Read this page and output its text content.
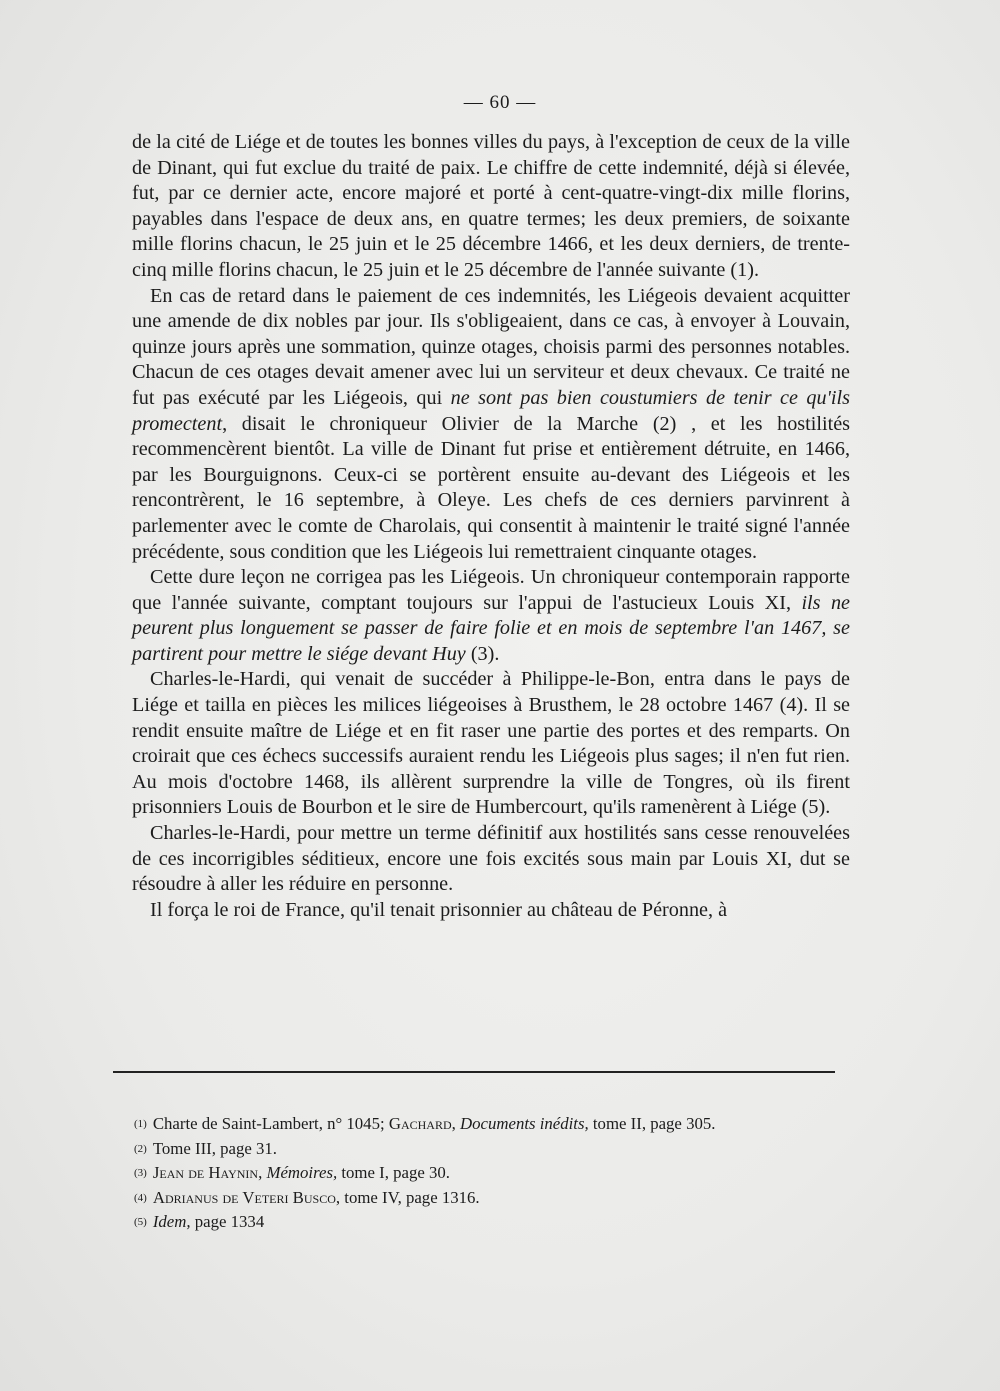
— 60 —

de la cité de Liége et de toutes les bonnes villes du pays, à l'exception de ceux de la ville de Dinant, qui fut exclue du traité de paix. Le chiffre de cette indemnité, déjà si élevée, fut, par ce dernier acte, encore majoré et porté à cent-quatre-vingt-dix mille florins, payables dans l'espace de deux ans, en quatre termes; les deux premiers, de soixante mille florins chacun, le 25 juin et le 25 décembre 1466, et les deux derniers, de trente-cinq mille florins chacun, le 25 juin et le 25 décembre de l'année suivante (1).

En cas de retard dans le paiement de ces indemnités, les Liégeois devaient acquitter une amende de dix nobles par jour. Ils s'obligeaient, dans ce cas, à envoyer à Louvain, quinze jours après une sommation, quinze otages, choisis parmi des personnes notables. Chacun de ces otages devait amener avec lui un serviteur et deux chevaux. Ce traité ne fut pas exécuté par les Liégeois, qui ne sont pas bien coustumiers de tenir ce qu'ils promectent, disait le chroniqueur Olivier de la Marche (2) , et les hostilités recommencèrent bientôt. La ville de Dinant fut prise et entièrement détruite, en 1466, par les Bourguignons. Ceux-ci se portèrent ensuite au-devant des Liégeois et les rencontrèrent, le 16 septembre, à Oleye. Les chefs de ces derniers parvinrent à parlementer avec le comte de Charolais, qui consentit à maintenir le traité signé l'année précédente, sous condition que les Liégeois lui remettraient cinquante otages.

Cette dure leçon ne corrigea pas les Liégeois. Un chroniqueur contemporain rapporte que l'année suivante, comptant toujours sur l'appui de l'astucieux Louis XI, ils ne peurent plus longuement se passer de faire folie et en mois de septembre l'an 1467, se partirent pour mettre le siége devant Huy (3).

Charles-le-Hardi, qui venait de succéder à Philippe-le-Bon, entra dans le pays de Liége et tailla en pièces les milices liégeoises à Brusthem, le 28 octobre 1467 (4). Il se rendit ensuite maître de Liége et en fit raser une partie des portes et des remparts. On croirait que ces échecs successifs auraient rendu les Liégeois plus sages; il n'en fut rien. Au mois d'octobre 1468, ils allèrent surprendre la ville de Tongres, où ils firent prisonniers Louis de Bourbon et le sire de Humbercourt, qu'ils ramenèrent à Liége (5).

Charles-le-Hardi, pour mettre un terme définitif aux hostilités sans cesse renouvelées de ces incorrigibles séditieux, encore une fois excités sous main par Louis XI, dut se résoudre à aller les réduire en personne.

Il força le roi de France, qu'il tenait prisonnier au château de Péronne, à

(1) Charte de Saint-Lambert, n° 1045; Gachard, Documents inédits, tome II, page 305.

(2) Tome III, page 31.

(3) Jean de Haynin, Mémoires, tome I, page 30.

(4) Adrianus de Veteri Busco, tome IV, page 1316.

(5) Idem, page 1334
